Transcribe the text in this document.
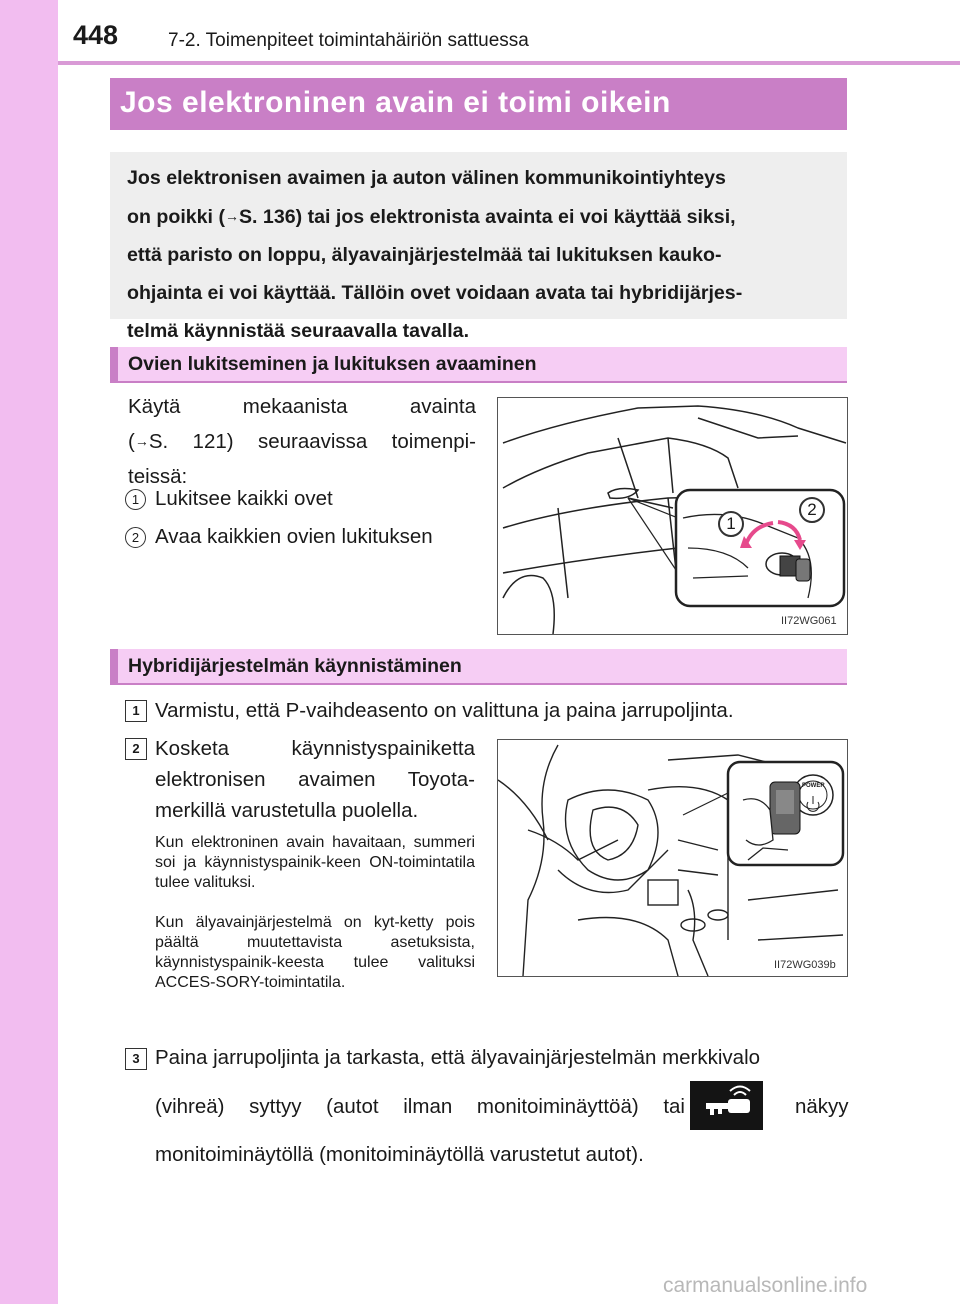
448	7-2. Toimenpiteet toimintahäiriön sattuessa
Jos elektroninen avain ei toimi oikein

Jos elektronisen avaimen ja auton välinen kommunikointiyhteys

on poikki (→S. 136) tai jos elektronista avainta ei voi käyttää siksi,

että paristo on loppu, älyavainjärjestelmää tai lukituksen kauko-

ohjainta ei voi käyttää. Tällöin ovet voidaan avata tai hybridijärjes-

telmä käynnistää seuraavalla tavalla.

Ovien lukitseminen ja lukituksen avaaminen
Käytä mekaanista avainta
(→S. 121) seuraavissa toimenpi-
teissä:
1 Lukitsee kaikki ovet
2 Avaa kaikkien ovien lukituksen
1
2
II72WG061
Hybridijärjestelmän käynnistäminen
1 Varmistu, että P-vaihdeasento on valittuna ja paina jarrupoljinta.
2 Kosketa käynnistyspainiketta
elektronisen avaimen Toyota-
merkillä varustetulla puolella.

Kun elektroninen avain havaitaan, summeri soi ja käynnistyspainik-keen ON-toimintatila tulee valituksi.

Kun älyavainjärjestelmä on kyt-ketty pois päältä muutettavista asetuksista, käynnistyspainik-keesta tulee valituksi ACCES-SORY-toimintatila.

POWER
II72WG039b
3 Paina jarrupoljinta ja tarkasta, että älyavainjärjestelmän merkkivalo
(vihreä) syttyy (autot ilman monitoiminäyttöä) tai	näkyy
monitoiminäytöllä (monitoiminäytöllä varustetut autot).
carmanualsonline.info
